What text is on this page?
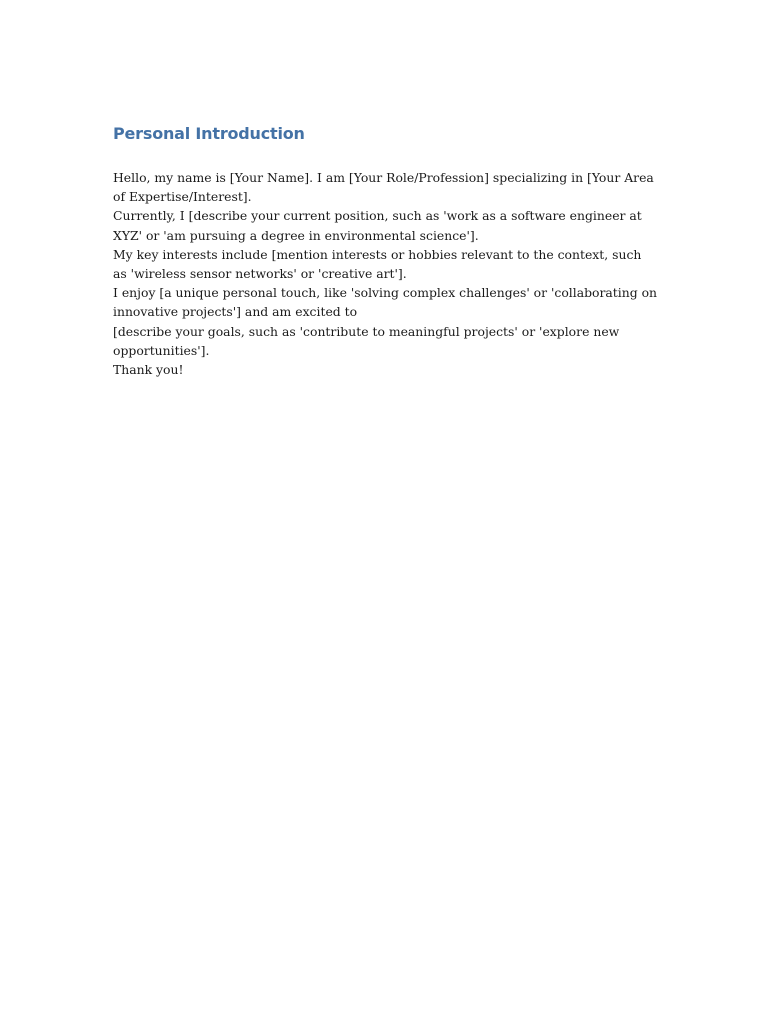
Personal Introduction

Hello, my name is [Your Name]. I am [Your Role/Profession] specializing in [Your Area of Expertise/Interest].

Currently, I [describe your current position, such as 'work as a software engineer at XYZ' or 'am pursuing a degree in environmental science'].

My key interests include [mention interests or hobbies relevant to the context, such as 'wireless sensor networks' or 'creative art'].

I enjoy [a unique personal touch, like 'solving complex challenges' or 'collaborating on innovative projects'] and am excited to

[describe your goals, such as 'contribute to meaningful projects' or 'explore new opportunities'].

Thank you!
